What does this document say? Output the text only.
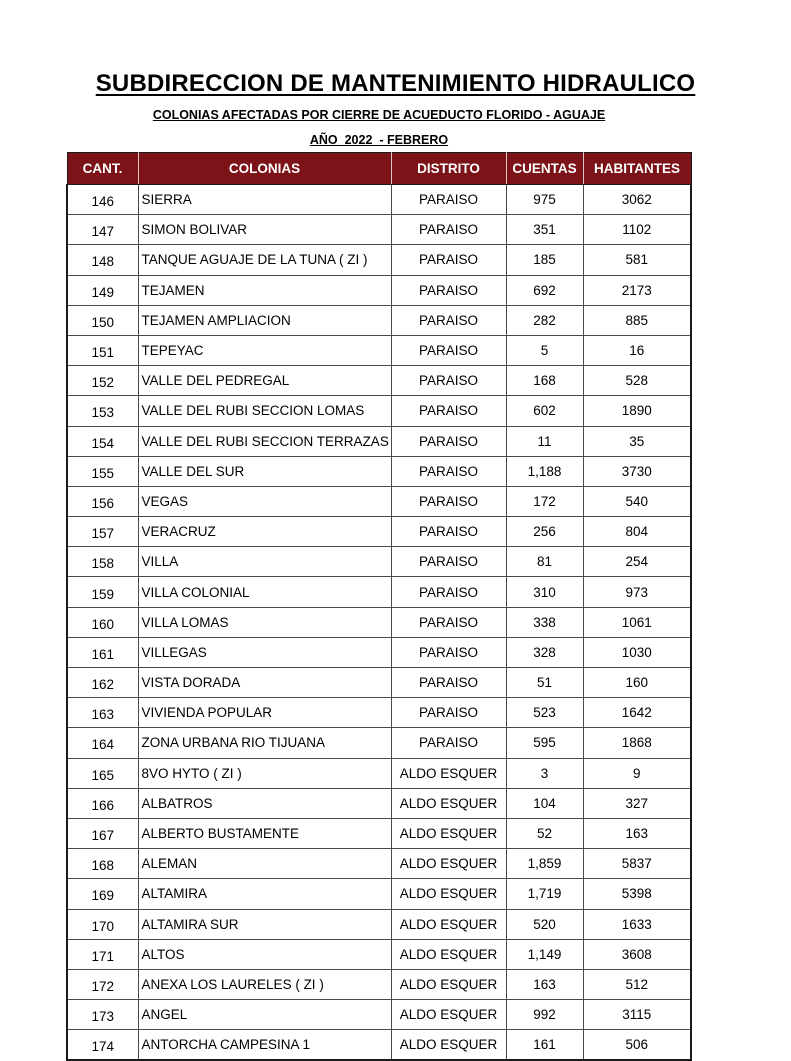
SUBDIRECCION DE MANTENIMIENTO HIDRAULICO
COLONIAS AFECTADAS POR CIERRE DE ACUEDUCTO FLORIDO - AGUAJE
AÑO  2022  - FEBRERO
CANT.	COLONIAS	DISTRITO	CUENTAS	HABITANTES
146	SIERRA	PARAISO	975	3062
147	SIMON BOLIVAR	PARAISO	351	1102
148	TANQUE AGUAJE DE LA TUNA ( ZI )	PARAISO	185	581
149	TEJAMEN	PARAISO	692	2173
150	TEJAMEN AMPLIACION	PARAISO	282	885
151	TEPEYAC	PARAISO	5	16
152	VALLE DEL PEDREGAL	PARAISO	168	528
153	VALLE DEL RUBI SECCION LOMAS	PARAISO	602	1890
154	VALLE DEL RUBI SECCION TERRAZAS	PARAISO	11	35
155	VALLE DEL SUR	PARAISO	1,188	3730
156	VEGAS	PARAISO	172	540
157	VERACRUZ	PARAISO	256	804
158	VILLA	PARAISO	81	254
159	VILLA COLONIAL	PARAISO	310	973
160	VILLA LOMAS	PARAISO	338	1061
161	VILLEGAS	PARAISO	328	1030
162	VISTA DORADA	PARAISO	51	160
163	VIVIENDA POPULAR	PARAISO	523	1642
164	ZONA URBANA RIO TIJUANA	PARAISO	595	1868
165	8VO HYTO ( ZI )	ALDO ESQUER	3	9
166	ALBATROS	ALDO ESQUER	104	327
167	ALBERTO BUSTAMENTE	ALDO ESQUER	52	163
168	ALEMAN	ALDO ESQUER	1,859	5837
169	ALTAMIRA	ALDO ESQUER	1,719	5398
170	ALTAMIRA SUR	ALDO ESQUER	520	1633
171	ALTOS	ALDO ESQUER	1,149	3608
172	ANEXA LOS LAURELES ( ZI )	ALDO ESQUER	163	512
173	ANGEL	ALDO ESQUER	992	3115
174	ANTORCHA CAMPESINA 1	ALDO ESQUER	161	506
